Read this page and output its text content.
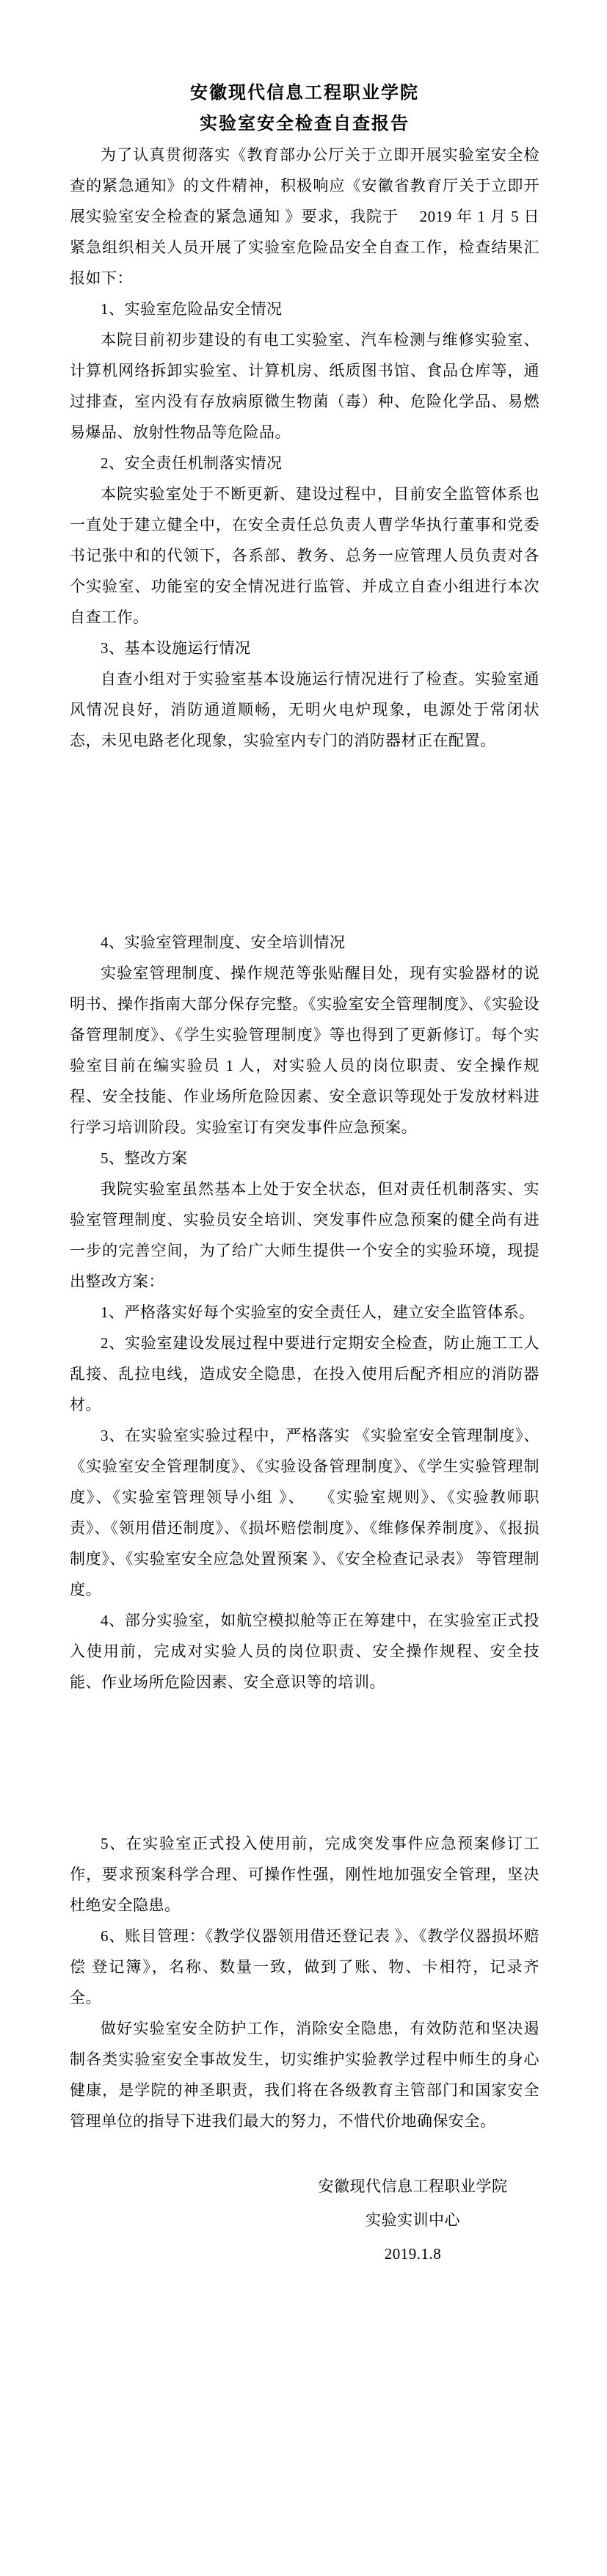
安徽现代信息工程职业学院

实验室安全检查自查报告

为了认真贯彻落实《教育部办公厅关于立即开展实验室安全检查的紧急通知》的文件精神，积极响应《安徽省教育厅关于立即开展实验室安全检查的紧急通知 》要求，我院于　 2019 年 1 月 5 日紧急组织相关人员开展了实验室危险品安全自查工作，检查结果汇报如下：

1、实验室危险品安全情况

本院目前初步建设的有电工实验室、汽车检测与维修实验室、计算机网络拆卸实验室、计算机房、纸质图书馆、食品仓库等，通过排查，室内没有存放病原微生物菌（毒）种、危险化学品、易燃易爆品、放射性物品等危险品。

2、安全责任机制落实情况

本院实验室处于不断更新、建设过程中，目前安全监管体系也一直处于建立健全中，在安全责任总负责人曹学华执行董事和党委书记张中和的代领下，各系部、教务、总务一应管理人员负责对各个实验室、功能室的安全情况进行监管、并成立自查小组进行本次自查工作。

3、基本设施运行情况

自查小组对于实验室基本设施运行情况进行了检查。实验室通风情况良好，消防通道顺畅，无明火电炉现象，电源处于常闭状态，未见电路老化现象，实验室内专门的消防器材正在配置。

4、实验室管理制度、安全培训情况

实验室管理制度、操作规范等张贴醒目处，现有实验器材的说明书、操作指南大部分保存完整。《实验室安全管理制度》、《实验设备管理制度》、《学生实验管理制度》等也得到了更新修订。每个实验室目前在编实验员 1 人，对实验人员的岗位职责、安全操作规程、安全技能、作业场所危险因素、安全意识等现处于发放材料进行学习培训阶段。实验室订有突发事件应急预案。

5、整改方案

我院实验室虽然基本上处于安全状态，但对责任机制落实、实验室管理制度、实验员安全培训、突发事件应急预案的健全尚有进一步的完善空间，为了给广大师生提供一个安全的实验环境，现提出整改方案：

1、严格落实好每个实验室的安全责任人，建立安全监管体系。

2、实验室建设发展过程中要进行定期安全检查，防止施工工人乱接、乱拉电线，造成安全隐患，在投入使用后配齐相应的消防器材。

3、在实验室实验过程中，严格落实 《实验室安全管理制度》、《实验室安全管理制度》、《实验设备管理制度》、《学生实验管理制度》、《实验室管理领导小组 》、　 《实验室规则》、《实验教师职责》、《领用借还制度》、《损坏赔偿制度》、《维修保养制度》、《报损制度》、《实验室安全应急处置预案 》、《安全检查记录表》 等管理制度。

4、部分实验室，如航空模拟舱等正在筹建中，在实验室正式投入使用前，完成对实验人员的岗位职责、安全操作规程、安全技能、作业场所危险因素、安全意识等的培训。

5、在实验室正式投入使用前，完成突发事件应急预案修订工作，要求预案科学合理、可操作性强，刚性地加强安全管理，坚决杜绝安全隐患。

6、账目管理：《教学仪器领用借还登记表 》、《教学仪器损坏赔偿 登记簿》，名称、数量一致，做到了账、物、卡相符，记录齐全。

做好实验室安全防护工作，消除安全隐患，有效防范和坚决遏制各类实验室安全事故发生，切实维护实验教学过程中师生的身心健康，是学院的神圣职责，我们将在各级教育主管部门和国家安全管理单位的指导下进我们最大的努力，不惜代价地确保安全。

安徽现代信息工程职业学院

实验实训中心

2019.1.8
